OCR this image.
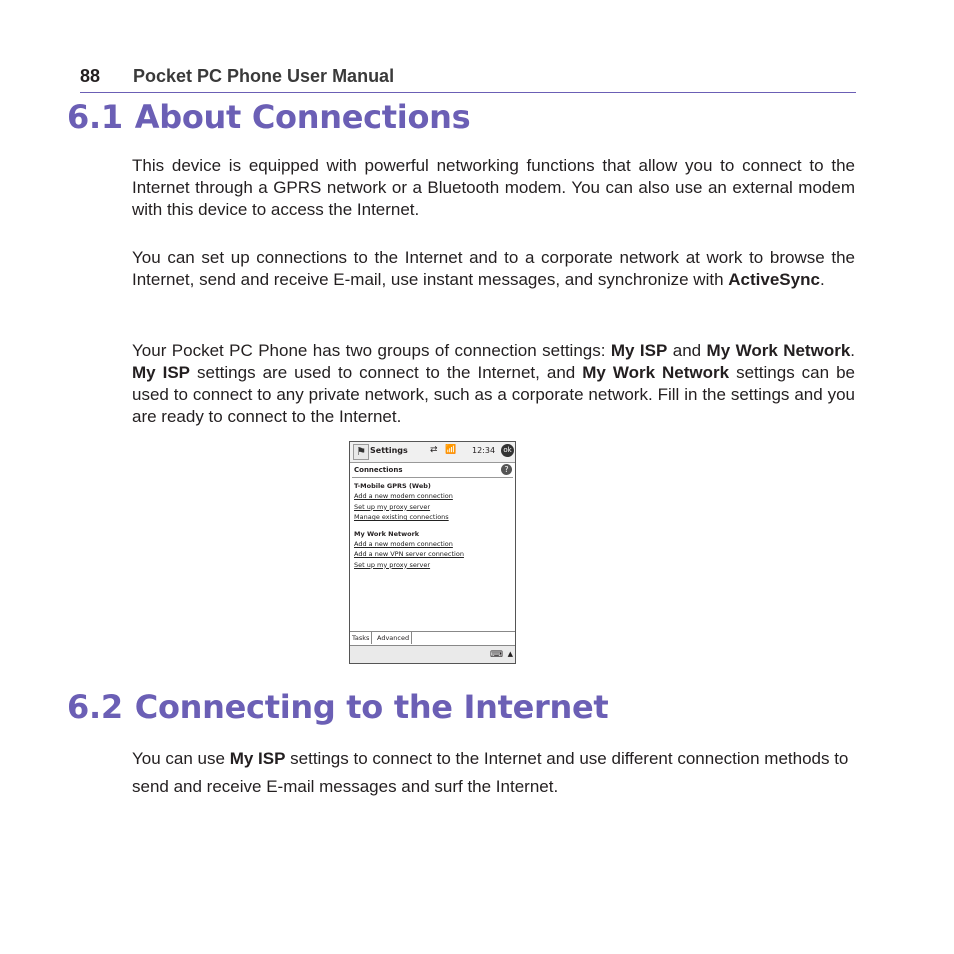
88 Pocket PC Phone User Manual
6.1 About Connections

This device is equipped with powerful networking functions that allow you to connect to the Internet through a GPRS network or a Bluetooth modem. You can also use an external modem with this device to access the Internet.

You can set up connections to the Internet and to a corporate network at work to browse the Internet, send and receive E-mail, use instant messages, and synchronize with ActiveSync.

Your Pocket PC Phone has two groups of connection settings: My ISP and My Work Network. My ISP settings are used to connect to the Internet, and My Work Network settings can be used to connect to any private network, such as a corporate network. Fill in the settings and you are ready to connect to the Internet.

⚑ Settings ⇄ 📶 12:34	ok
Connections	?
T-Mobile GPRS (Web)
Add a new modem connection
Set up my proxy server
Manage existing connections
My Work Network
Add a new modem connection
Add a new VPN server connection
Set up my proxy server
Tasks	Advanced
⌨ ▲
6.2 Connecting to the Internet

You can use My ISP settings to connect to the Internet and use different connection methods to send and receive E-mail messages and surf the Internet.
